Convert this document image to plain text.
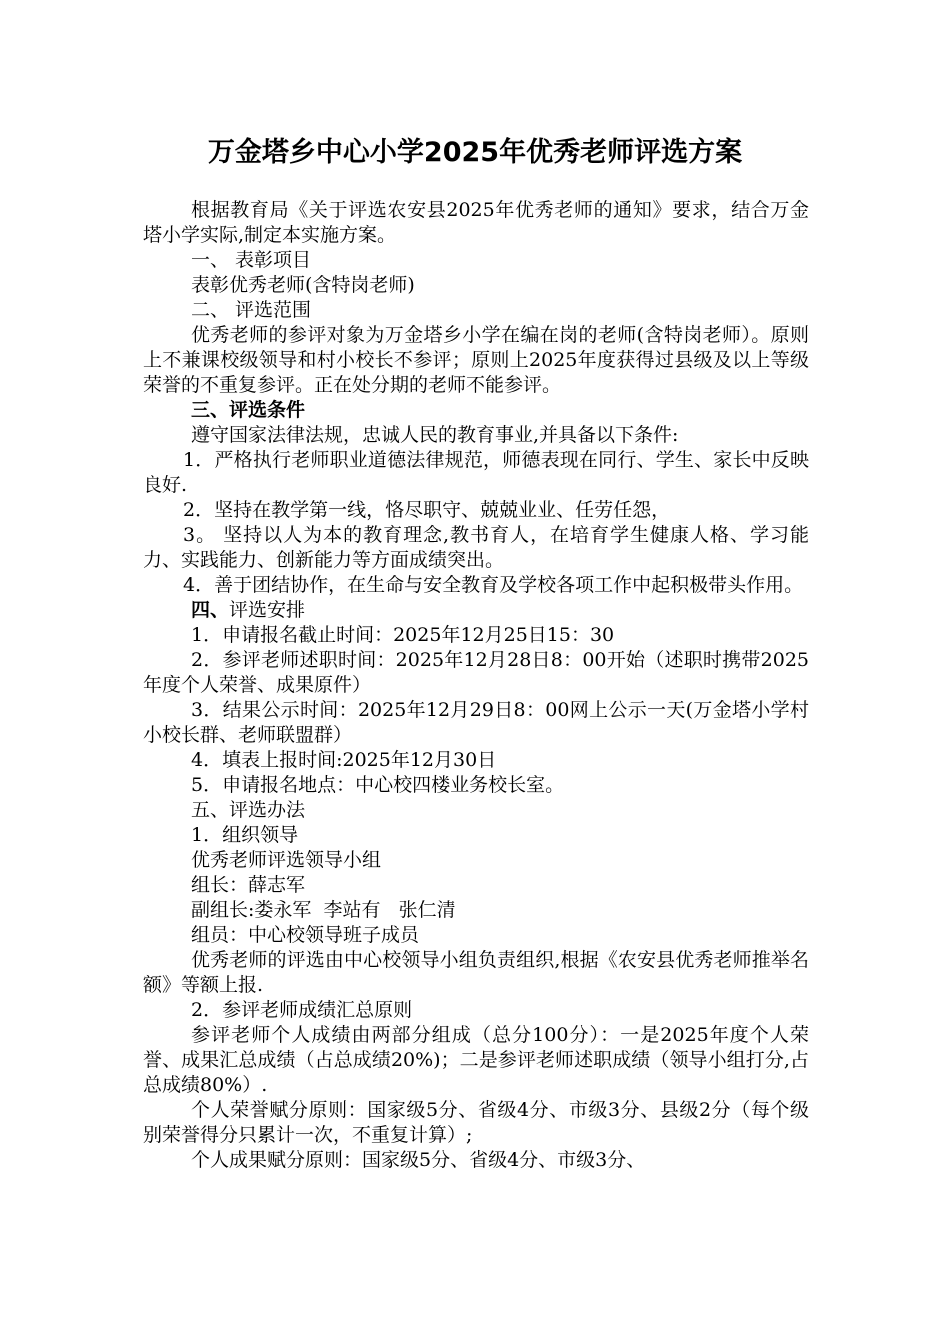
万金塔乡中心小学2025年优秀老师评选方案

根据教育局《关于评选农安县2025年优秀老师的通知》要求，结合万金塔小学实际,制定本实施方案。

一、 表彰项目

表彰优秀老师(含特岗老师)

二、 评选范围

优秀老师的参评对象为万金塔乡小学在编在岗的老师(含特岗老师）。原则上不兼课校级领导和村小校长不参评；原则上2025年度获得过县级及以上等级荣誉的不重复参评。正在处分期的老师不能参评。

三、评选条件

遵守国家法律法规，忠诚人民的教育事业,并具备以下条件:

1．严格执行老师职业道德法律规范，师德表现在同行、学生、家长中反映良好.

2．坚持在教学第一线，恪尽职守、兢兢业业、任劳任怨，

3。 坚持以人为本的教育理念,教书育人，在培育学生健康人格、学习能力、实践能力、创新能力等方面成绩突出。

4．善于团结协作，在生命与安全教育及学校各项工作中起积极带头作用。

四、评选安排

1．申请报名截止时间：2025年12月25日15：30

2．参评老师述职时间：2025年12月28日8：00开始（述职时携带2025年度个人荣誉、成果原件）

3．结果公示时间：2025年12月29日8：00网上公示一天(万金塔小学村小校长群、老师联盟群）

4．填表上报时间:2025年12月30日

5．申请报名地点：中心校四楼业务校长室。

五、评选办法

1．组织领导

优秀老师评选领导小组

组长：薛志军

副组长:娄永军  李站有   张仁清

组员：中心校领导班子成员

优秀老师的评选由中心校领导小组负责组织,根据《农安县优秀老师推举名额》等额上报.

2．参评老师成绩汇总原则

参评老师个人成绩由两部分组成（总分100分）：一是2025年度个人荣誉、成果汇总成绩（占总成绩20%)；二是参评老师述职成绩（领导小组打分,占总成绩80%）.

个人荣誉赋分原则：国家级5分、省级4分、市级3分、县级2分（每个级别荣誉得分只累计一次，不重复计算）;

个人成果赋分原则：国家级5分、省级4分、市级3分、
